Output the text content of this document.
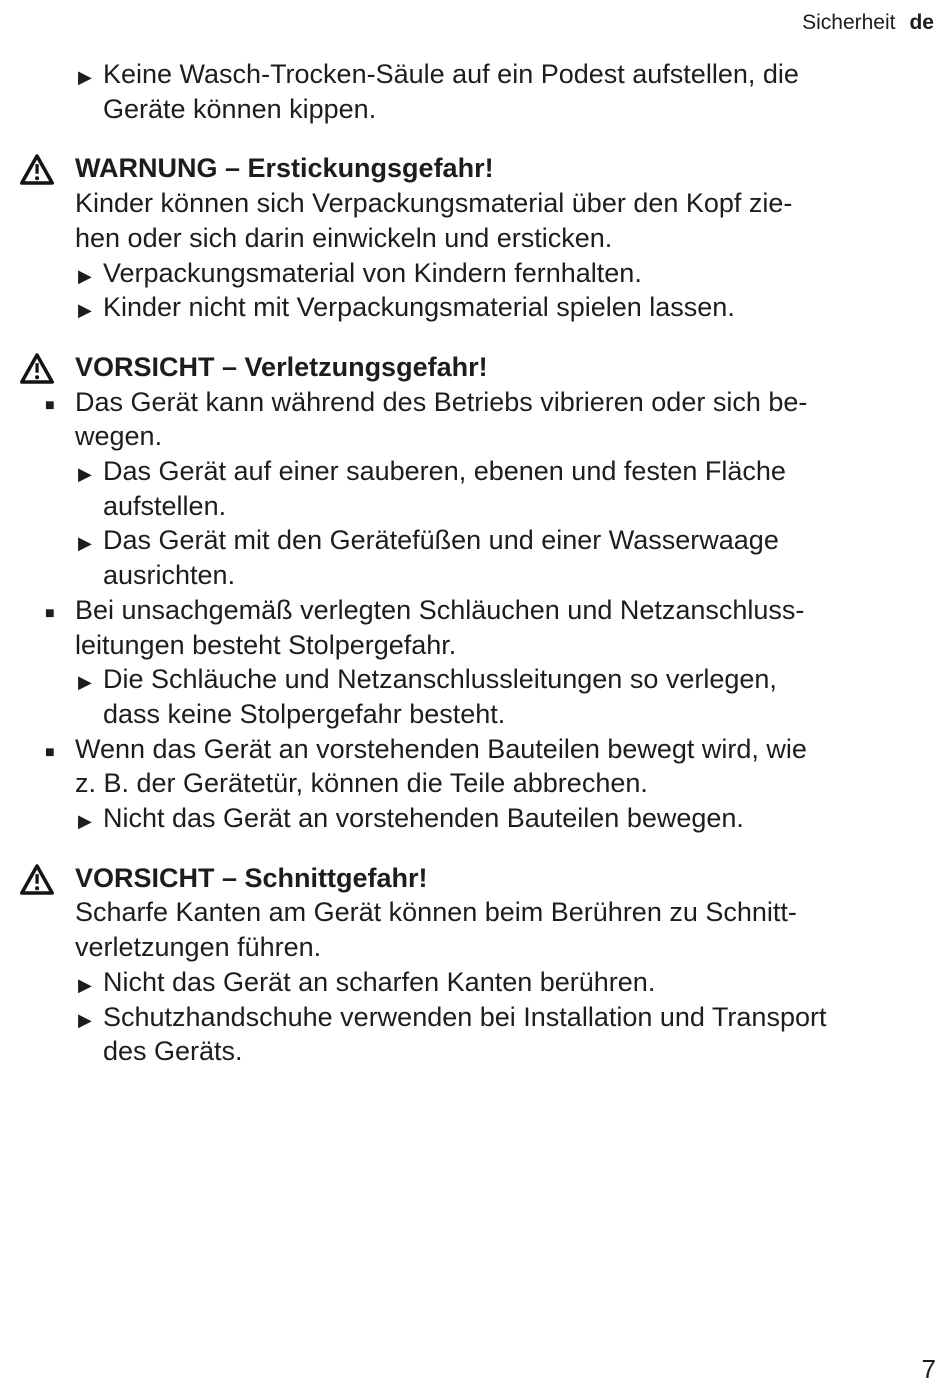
Sicherheit de
▶ Keine Wasch-Trocken-Säule auf ein Podest aufstellen, die
Geräte können kippen.
WARNUNG – Erstickungsgefahr!
Kinder können sich Verpackungsmaterial über den Kopf zie-
hen oder sich darin einwickeln und ersticken.
▶ Verpackungsmaterial von Kindern fernhalten.
▶ Kinder nicht mit Verpackungsmaterial spielen lassen.
VORSICHT – Verletzungsgefahr!
■ Das Gerät kann während des Betriebs vibrieren oder sich be-
wegen.
▶ Das Gerät auf einer sauberen, ebenen und festen Fläche
aufstellen.
▶ Das Gerät mit den Gerätefüßen und einer Wasserwaage
ausrichten.
■ Bei unsachgemäß verlegten Schläuchen und Netzanschluss-
leitungen besteht Stolpergefahr.
▶ Die Schläuche und Netzanschlussleitungen so verlegen,
dass keine Stolpergefahr besteht.
■ Wenn das Gerät an vorstehenden Bauteilen bewegt wird, wie
z. B. der Gerätetür, können die Teile abbrechen.
▶ Nicht das Gerät an vorstehenden Bauteilen bewegen.
VORSICHT – Schnittgefahr!
Scharfe Kanten am Gerät können beim Berühren zu Schnitt-
verletzungen führen.
▶ Nicht das Gerät an scharfen Kanten berühren.
▶ Schutzhandschuhe verwenden bei Installation und Transport
des Geräts.
7
